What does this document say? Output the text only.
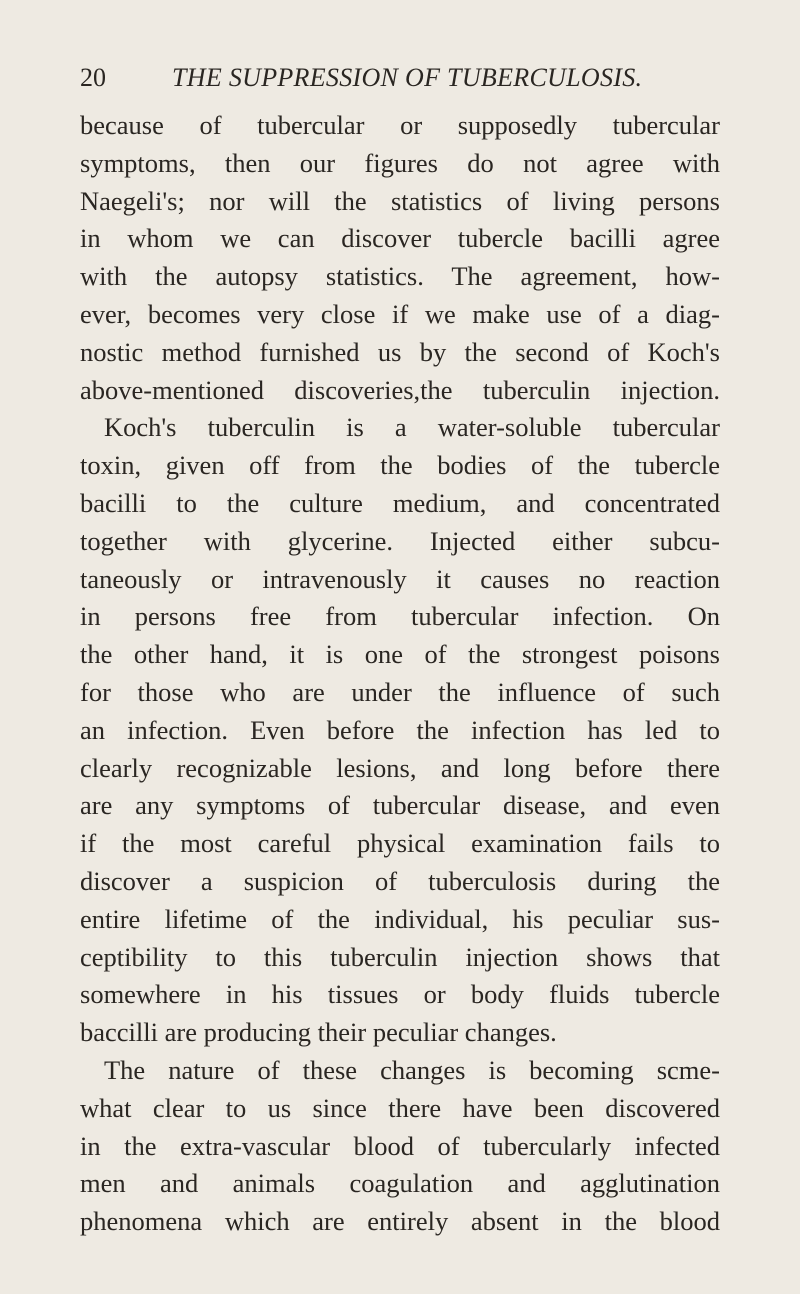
20	THE SUPPRESSION OF TUBERCULOSIS.
because of tubercular or supposedly tubercular
symptoms, then our figures do not agree with
Naegeli's; nor will the statistics of living persons
in whom we can discover tubercle bacilli agree
with the autopsy statistics. The agreement, how-
ever, becomes very close if we make use of a diag-
nostic method furnished us by the second of Koch's
above-mentioned discoveries,the tuberculin injection.
Koch's tuberculin is a water-soluble tubercular
toxin, given off from the bodies of the tubercle
bacilli to the culture medium, and concentrated
together with glycerine. Injected either subcu-
taneously or intravenously it causes no reaction
in persons free from tubercular infection. On
the other hand, it is one of the strongest poisons
for those who are under the influence of such
an infection. Even before the infection has led to
clearly recognizable lesions, and long before there
are any symptoms of tubercular disease, and even
if the most careful physical examination fails to
discover a suspicion of tuberculosis during the
entire lifetime of the individual, his peculiar sus-
ceptibility to this tuberculin injection shows that
somewhere in his tissues or body fluids tubercle
baccilli are producing their peculiar changes.
The nature of these changes is becoming scme-
what clear to us since there have been discovered
in the extra-vascular blood of tubercularly infected
men and animals coagulation and agglutination
phenomena which are entirely absent in the blood
